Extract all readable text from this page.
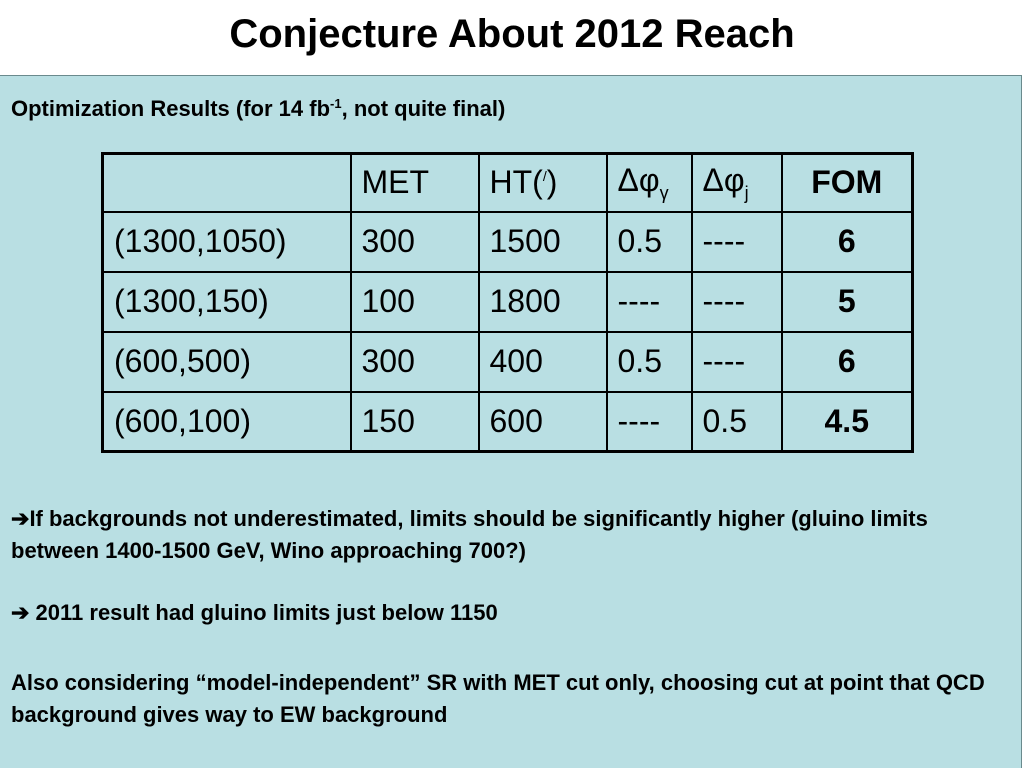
Conjecture About 2012 Reach
Optimization Results (for 14 $fb^{-1}$, not quite final)
	MET	HT(/)	$\Delta\varphi_\gamma$	$\Delta\varphi_j$	FOM
(1300,1050)	300	1500	0.5	----	6
(1300,150)	100	1800	----	----	5
(600,500)	300	400	0.5	----	6
(600,100)	150	600	----	0.5	4.5
➔If backgrounds not underestimated, limits should be significantly higher (gluino limits between 1400-1500 GeV, Wino approaching 700?)
➔ 2011 result had gluino limits just below 1150
Also considering “model-independent” SR with MET cut only, choosing cut at point that QCD background gives way to EW background
